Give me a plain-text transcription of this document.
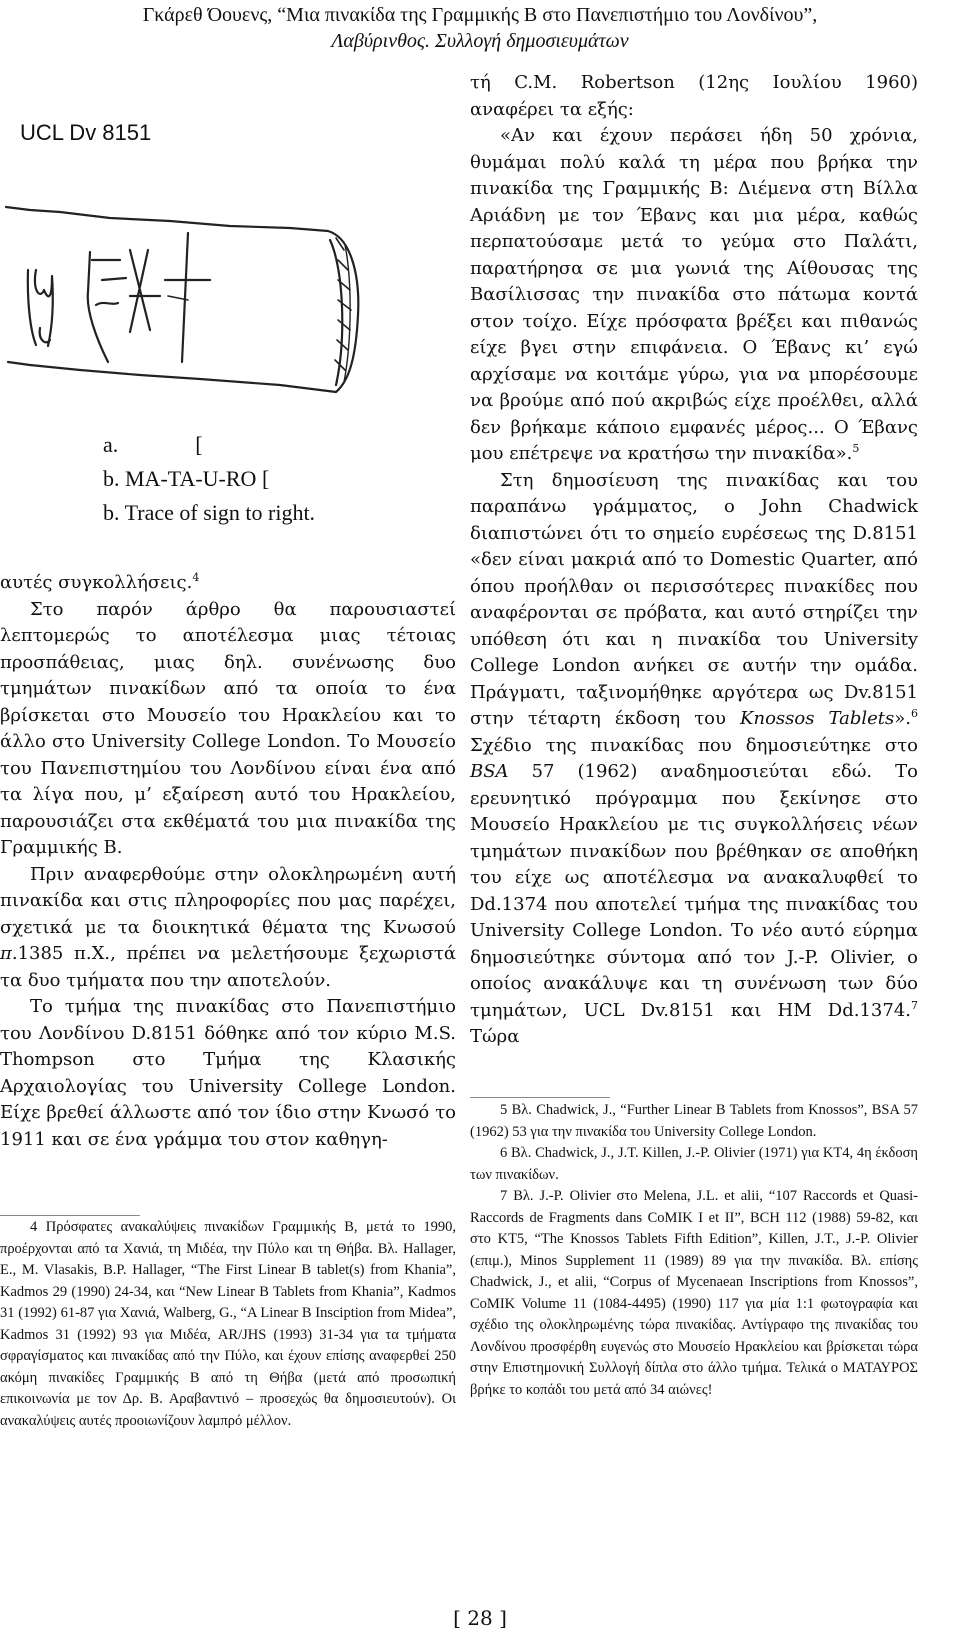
Γκάρεθ Όουενς, “Μια πινακίδα της Γραμμικής Β στο Πανεπιστήμιο του Λονδίνου”,
Λαβύρινθος. Συλλογή δημοσιευμάτων
UCL Dv 8151
a.              [
b. MA-TA-U-RO [
b. Trace of sign to right.

αυτές συγκολλήσεις.$^4$

Στο παρόν άρθρο θα παρουσιαστεί λεπτομερώς το αποτέλεσμα μιας τέτοιας προσπάθειας, μιας δηλ. συνένωσης δυο τμημάτων πινακίδων από τα οποία το ένα βρίσκεται στο Μουσείο του Ηρακλείου και το άλλο στο University College London. Το Μουσείο του Πανεπιστημίου του Λονδίνου είναι ένα από τα λίγα που, μ’ εξαίρεση αυτό του Ηρακλείου, παρουσιάζει στα εκθέματά του μια πινακίδα της Γραμμικής Β.

Πριν αναφερθούμε στην ολοκληρωμένη αυτή πινακίδα και στις πληροφορίες που μας παρέχει, σχετικά με τα διοικητικά θέματα της Κνωσού π.1385 π.Χ., πρέπει να μελετήσουμε ξεχωριστά τα δυο τμήματα που την αποτελούν.

Το τμήμα της πινακίδας στο Πανεπιστήμιο του Λονδίνου D.8151 δόθηκε από τον κύριο M.S. Thompson στο Τμήμα της Κλασικής Αρχαιολογίας του University College London. Είχε βρεθεί άλλωστε από τον ίδιο στην Κνωσό το 1911 και σε ένα γράμμα του στον καθηγη-

τή C.M. Robertson (12ης Ιουλίου 1960) αναφέρει τα εξής:

«Αν και έχουν περάσει ήδη 50 χρόνια, θυμάμαι πολύ καλά τη μέρα που βρήκα την πινακίδα της Γραμμικής Β: Διέμενα στη Βίλλα Αριάδνη με τον Έβανς και μια μέρα, καθώς περπατούσαμε μετά το γεύμα στο Παλάτι, παρατήρησα σε μια γωνιά της Αίθουσας της Βασίλισσας την πινακίδα στο πάτωμα κοντά στον τοίχο. Είχε πρόσφατα βρέξει και πιθανώς είχε βγει στην επιφάνεια. Ο Έβανς κι’ εγώ αρχίσαμε να κοιτάμε γύρω, για να μπορέσουμε να βρούμε από πού ακριβώς είχε προέλθει, αλλά δεν βρήκαμε κάποιο εμφανές μέρος... Ο Έβανς μου επέτρεψε να κρατήσω την πινακίδα».$^5$

Στη δημοσίευση της πινακίδας και του παραπάνω γράμματος, ο John Chadwick διαπιστώνει ότι το σημείο ευρέσεως της D.8151 «δεν είναι μακριά από το Domestic Quarter, από όπου προήλθαν οι περισσότερες πινακίδες που αναφέρονται σε πρόβατα, και αυτό στηρίζει την υπόθεση ότι και η πινακίδα του University College London ανήκει σε αυτήν την ομάδα. Πράγματι, ταξινομήθηκε αργότερα ως Dv.8151 στην τέταρτη έκδοση του Knossos Tablets».$^6$ Σχέδιο της πινακίδας που δημοσιεύτηκε στο BSA 57 (1962) αναδημοσιεύται εδώ. Το ερευνητικό πρόγραμμα που ξεκίνησε στο Μουσείο Ηρακλείου με τις συγκολλήσεις νέων τμημάτων πινακίδων που βρέθηκαν σε αποθήκη του είχε ως αποτέλεσμα να ανακαλυφθεί το Dd.1374 που αποτελεί τμήμα της πινακίδας του University College London. Το νέο αυτό εύρημα δημοσιεύτηκε σύντομα από τον J.-P. Olivier, ο οποίος ανακάλυψε και τη συνένωση των δύο τμημάτων, UCL Dv.8151 και HM Dd.1374.$^7$ Τώρα

4 Πρόσφατες ανακαλύψεις πινακίδων Γραμμικής Β, μετά το 1990, προέρχονται από τα Χανιά, τη Μιδέα, την Πύλο και τη Θήβα. Βλ. Hallager, E., M. Vlasakis, B.P. Hallager, “The First Linear B tablet(s) from Khania”, Kadmos 29 (1990) 24-34, και “New Linear B Tablets from Khania”, Kadmos 31 (1992) 61-87 για Χανιά, Walberg, G., “A Linear B Insciption from Midea”, Kadmos 31 (1992) 93 για Μιδέα, AR/JHS (1993) 31-34 για τα τμήματα σφραγίσματος και πινακίδας από την Πύλο, και έχουν επίσης αναφερθεί 250 ακόμη πινακίδες Γραμμικής Β από τη Θήβα (μετά από προσωπική επικοινωνία με τον Δρ. Β. Αραβαντινό – προσεχώς θα δημοσιευτούν). Οι ανακαλύψεις αυτές προοιωνίζουν λαμπρό μέλλον.

5 Βλ. Chadwick, J., “Further Linear B Tablets from Knossos”, BSA 57 (1962) 53 για την πινακίδα του University College London.

6 Βλ. Chadwick, J., J.T. Killen, J.-P. Olivier (1971) για KT4, 4η έκδοση των πινακίδων.

7 Βλ. J.-P. Olivier στο Melena, J.L. et alii, “107 Raccords et Quasi-Raccords de Fragments dans CoMIK I et II”, BCH 112 (1988) 59-82, και στο KT5, “The Knossos Tablets Fifth Edition”, Killen, J.T., J.-P. Olivier (επιμ.), Minos Supplement 11 (1989) 89 για την πινακίδα. Βλ. επίσης Chadwick, J., et alii, “Corpus of Mycenaean Inscriptions from Knossos”, CoMIK Volume 11 (1084-4495) (1990) 117 για μία 1:1 φωτογραφία και σχέδιο της ολοκληρωμένης τώρα πινακίδας. Αντίγραφο της πινακίδας του Λονδίνου προσφέρθη ευγενώς στο Μουσείο Ηρακλείου και βρίσκεται τώρα στην Επιστημονική Συλλογή δίπλα στο άλλο τμήμα. Τελικά ο ΜΑΤΑΥΡΟΣ βρήκε το κοπάδι του μετά από 34 αιώνες!

[ 28 ]
